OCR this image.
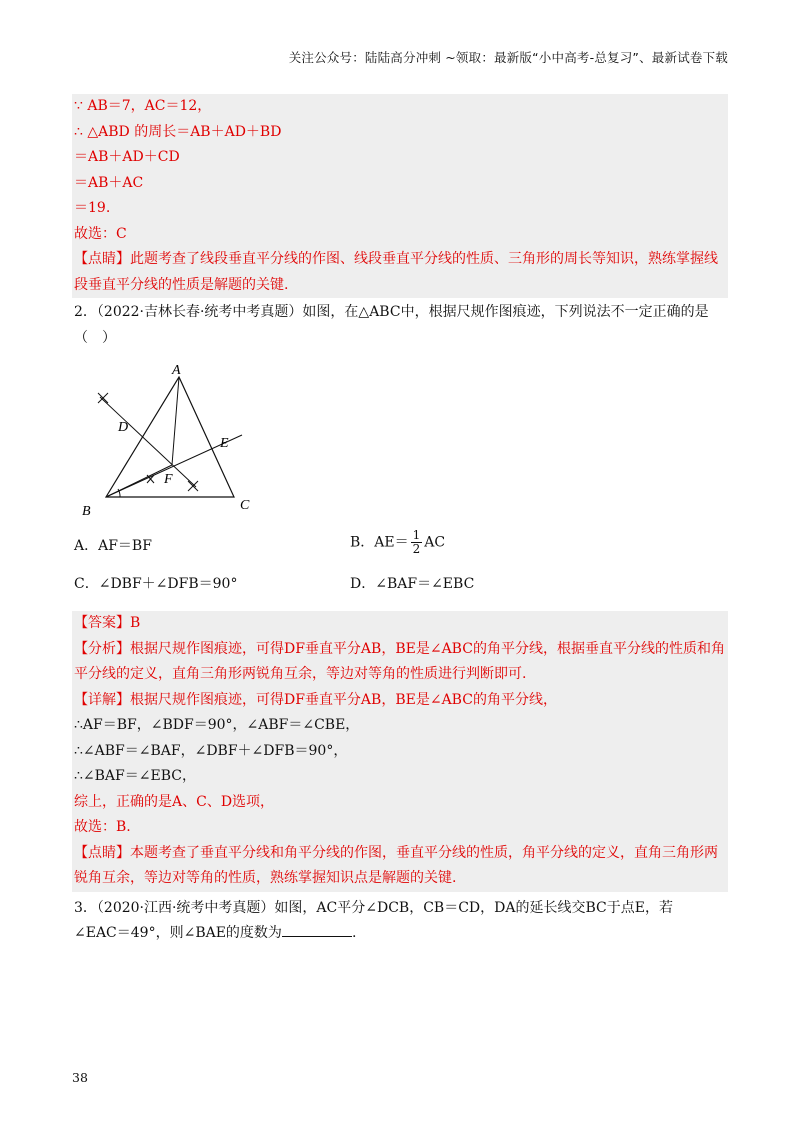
关注公众号：陆陆高分冲刺 ~领取：最新版“小中高考-总复习”、最新试卷下载
∵ AB＝7，AC＝12，
∴ △ABD 的周长＝AB＋AD＋BD
＝AB＋AD＋CD
＝AB＋AC
＝19.
故选：C
【点睛】此题考查了线段垂直平分线的作图、线段垂直平分线的性质、三角形的周长等知识，熟练掌握线段垂直平分线的性质是解题的关键.
2．（2022·吉林长春·统考中考真题）如图，在△ABC中，根据尺规作图痕迹，下列说法不一定正确的是（　）
A
B	C
D
E
F
A．AF＝BF	B．$AE= \frac{1}{2}$ AC
C．∠DBF＋∠DFB＝90°	D．∠BAF＝∠EBC
【答案】B
【分析】根据尺规作图痕迹，可得DF垂直平分AB，BE是∠ABC的角平分线，根据垂直平分线的性质和角平分线的定义，直角三角形两锐角互余，等边对等角的性质进行判断即可.
【详解】根据尺规作图痕迹，可得DF垂直平分AB，BE是∠ABC的角平分线，
∴AF＝BF，∠BDF＝90°，∠ABF＝∠CBE，
∴∠ABF＝∠BAF，∠DBF＋∠DFB＝90°，
∴∠BAF＝∠EBC，
综上，正确的是A、C、D选项，
故选：B.
【点睛】本题考查了垂直平分线和角平分线的作图，垂直平分线的性质，角平分线的定义，直角三角形两锐角互余，等边对等角的性质，熟练掌握知识点是解题的关键.
3．（2020·江西·统考中考真题）如图，AC平分∠DCB，CB＝CD，DA的延长线交BC于点E，若
∠EAC＝49°，则∠BAE的度数为	.
38
